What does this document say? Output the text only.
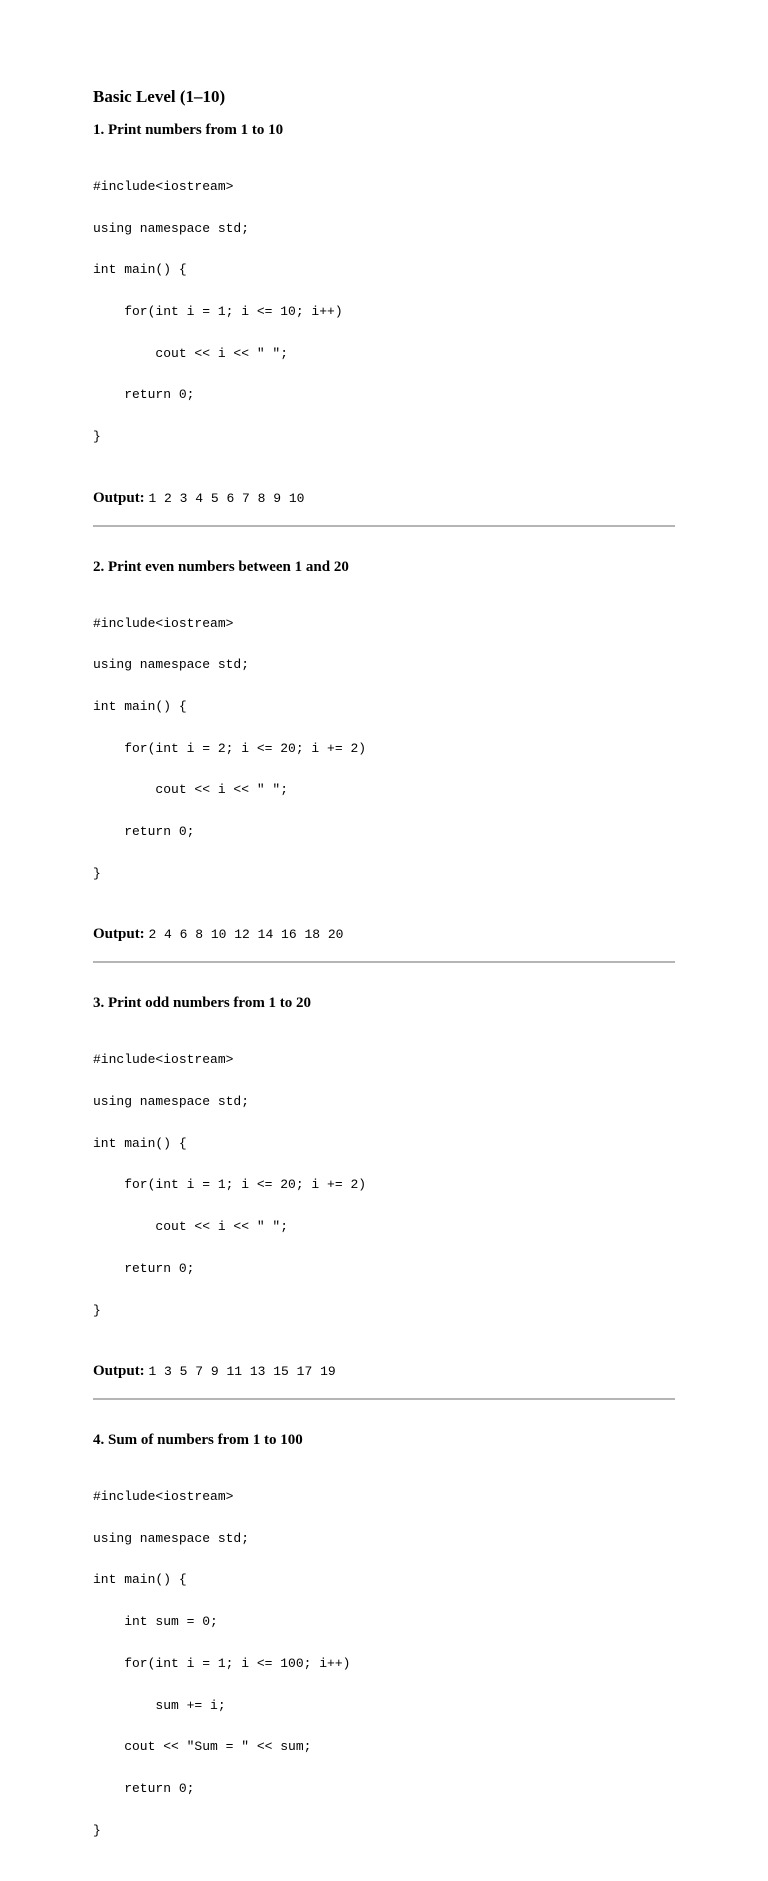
Basic Level (1–10)
1. Print numbers from 1 to 10

#include<iostream>

using namespace std;

int main() {

for(int i = 1; i <= 10; i++)

cout << i << " ";

return 0;

}

Output: 1 2 3 4 5 6 7 8 9 10
2. Print even numbers between 1 and 20

#include<iostream>

using namespace std;

int main() {

for(int i = 2; i <= 20; i += 2)

cout << i << " ";

return 0;

}

Output: 2 4 6 8 10 12 14 16 18 20
3. Print odd numbers from 1 to 20

#include<iostream>

using namespace std;

int main() {

for(int i = 1; i <= 20; i += 2)

cout << i << " ";

return 0;

}

Output: 1 3 5 7 9 11 13 15 17 19
4. Sum of numbers from 1 to 100

#include<iostream>

using namespace std;

int main() {

int sum = 0;

for(int i = 1; i <= 100; i++)

sum += i;

cout << "Sum = " << sum;

return 0;

}
